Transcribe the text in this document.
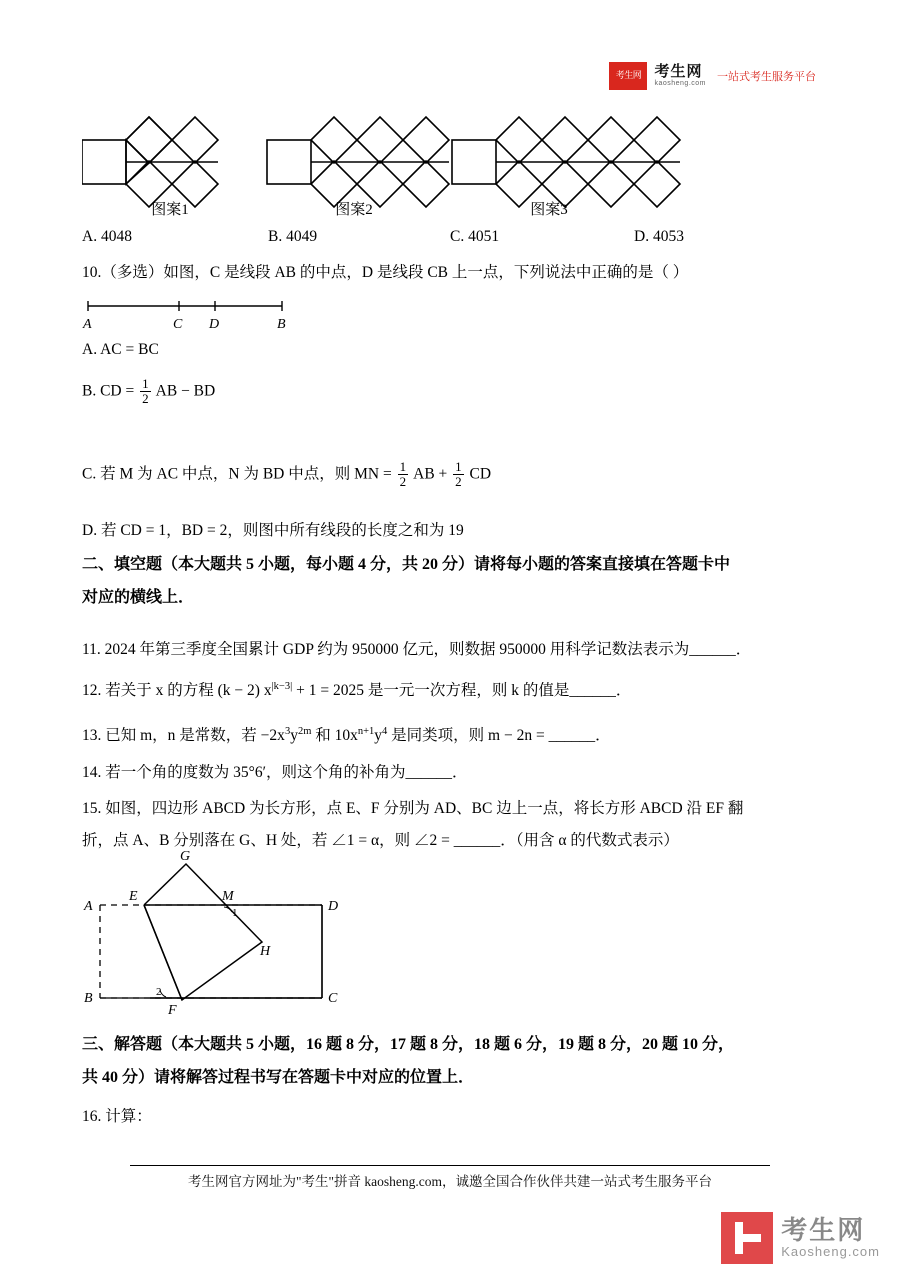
考生网 考生网
kaosheng.com
一站式考生服务平台
图案1	图案2	图案3
A. 4048	B. 4049	C. 4051	D. 4053
10.（多选）如图，C 是线段 AB 的中点，D 是线段 CB 上一点，下列说法中正确的是（ ）
A	C D	B
A. AC = BC
B. CD = $\frac{1}{2}$ AB − BD
C. 若 M 为 AC 中点，N 为 BD 中点，则 MN = $\frac{1}{2}$ AB + $\frac{1}{2}$ CD
D. 若 CD = 1，BD = 2，则图中所有线段的长度之和为 19
二、填空题（本大题共 5 小题，每小题 4 分，共 20 分）请将每小题的答案直接填在答题卡中
对应的横线上．
11. 2024 年第三季度全国累计 GDP 约为 950000 亿元，则数据 950000 用科学记数法表示为______．
12. 若关于 x 的方程 (k − 2) $x^{|k-3|} + 1 = 2025$ 是一元一次方程，则 k 的值是______．
13. 已知 m，n 是常数，若 $-2x^3y^{2m}$ 和 $10x^{n+1}y^4$ 是同类项，则 m − 2n = ______．
14. 若一个角的度数为 35°6′，则这个角的补角为______．
15. 如图，四边形 ABCD 为长方形，点 E、F 分别为 AD、BC 边上一点，将长方形 ABCD 沿 EF 翻
折，点 A、B 分别落在 G、H 处，若 ∠1 = α，则 ∠2 = ______．（用含 α 的代数式表示）
G
E	M
A	D
H
B
F
C
1
2
三、解答题（本大题共 5 小题，16 题 8 分，17 题 8 分，18 题 6 分，19 题 8 分，20 题 10 分，
共 40 分）请将解答过程书写在答题卡中对应的位置上．
16. 计算：
考生网官方网址为"考生"拼音 kaosheng.com，诚邀全国合作伙伴共建一站式考生服务平台
考生网
Kaosheng.com
